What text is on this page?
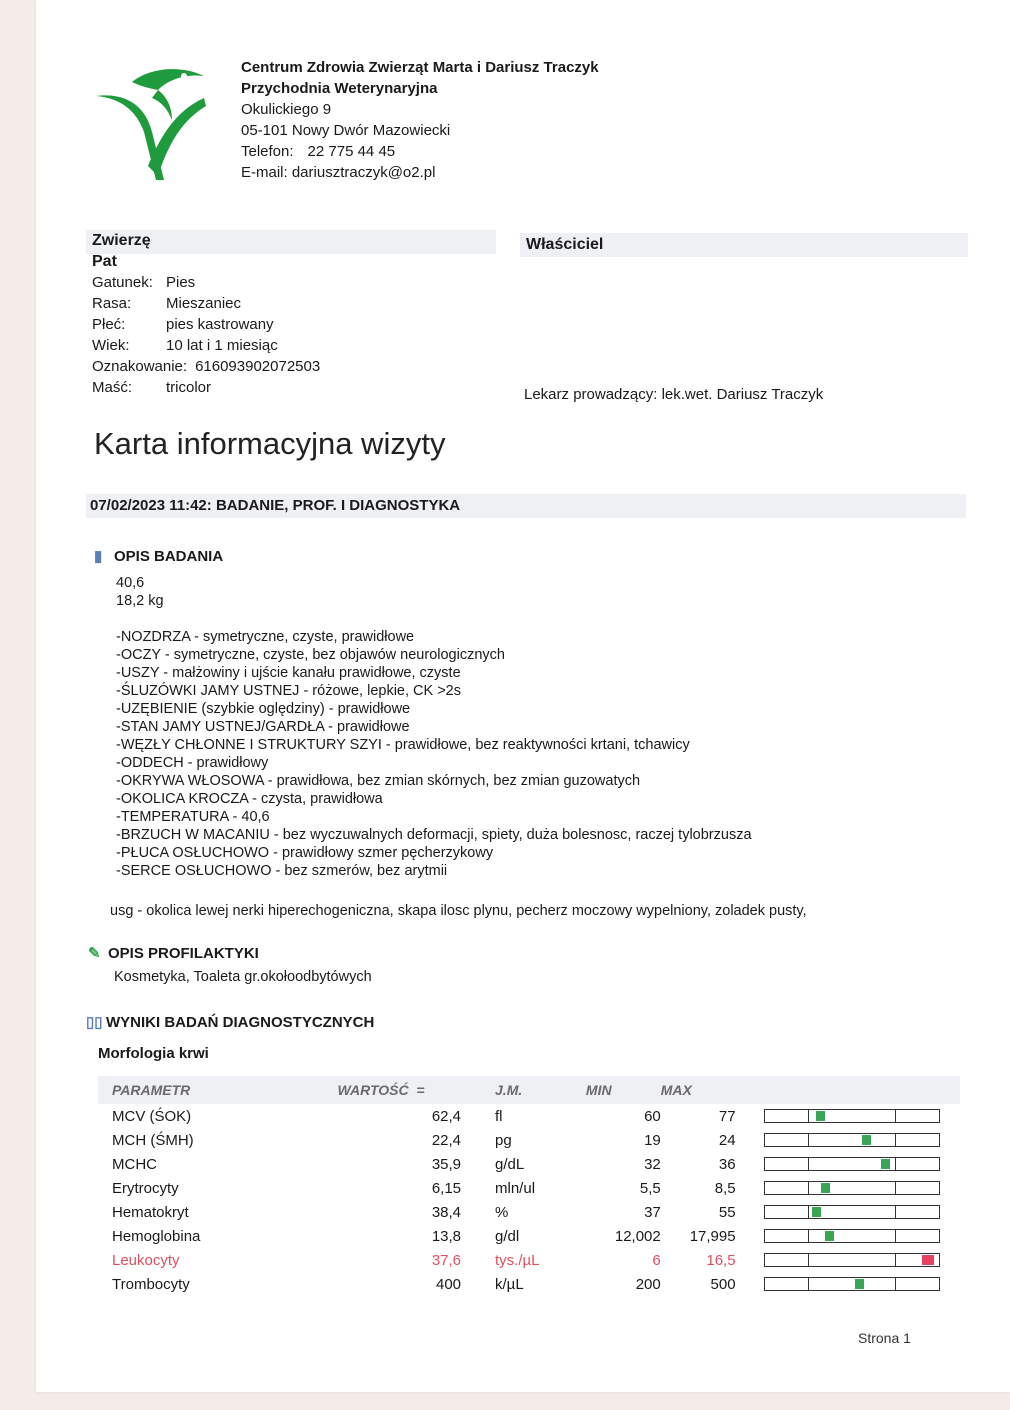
Centrum Zdrowia Zwierząt Marta i Dariusz Traczyk
Przychodnia Weterynaryjna
Okulickiego 9
05-101 Nowy Dwór Mazowiecki
Telefon: 22 775 44 45
E-mail: dariusztraczyk@o2.pl
Właściciel
Zwierzę
Pat
Gatunek: Pies
Rasa: Mieszaniec
Płeć:	pies kastrowany
Wiek: 10 lat i 1 miesiąc
Oznakowanie: 616093902072503
Maść: tricolor	Lekarz prowadzący: lek.wet. Dariusz Traczyk
Karta informacyjna wizyty
07/02/2023 11:42: BADANIE, PROF. I DIAGNOSTYKA
▮ OPIS BADANIA
40,6
18,2 kg
-NOZDRZA - symetryczne, czyste, prawidłowe
-OCZY - symetryczne, czyste, bez objawów neurologicznych
-USZY - małżowiny i ujście kanału prawidłowe, czyste
-ŚLUZÓWKI JAMY USTNEJ - różowe, lepkie, CK >2s
-UZĘBIENIE (szybkie oględziny) - prawidłowe
-STAN JAMY USTNEJ/GARDŁA - prawidłowe
-WĘZŁY CHŁONNE I STRUKTURY SZYI - prawidłowe, bez reaktywności krtani, tchawicy
-ODDECH - prawidłowy
-OKRYWA WŁOSOWA - prawidłowa, bez zmian skórnych, bez zmian guzowatych
-OKOLICA KROCZA - czysta, prawidłowa
-TEMPERATURA - 40,6
-BRZUCH W MACANIU - bez wyczuwalnych deformacji, spiety, duża bolesnosc, raczej tylobrzusza
-PŁUCA OSŁUCHOWO - prawidłowy szmer pęcherzykowy
-SERCE OSŁUCHOWO - bez szmerów, bez arytmii
usg - okolica lewej nerki hiperechogeniczna, skapa ilosc plynu, pecherz moczowy wypelniony, zoladek pusty,
✎ OPIS PROFILAKTYKI
Kosmetyka, Toaleta gr.okołoodbytówych
▯▯ WYNIKI BADAŃ DIAGNOSTYCZNYCH
Morfologia krwi
PARAMETR	WARTOŚĆ =	J.M.	MIN	MAX	
MCV (ŚOK)	62,4	fl	60	77	

MCH (ŚMH)	22,4	pg	19	24	

MCHC	35,9	g/dL	32	36	

Erytrocyty	6,15	mln/ul	5,5	8,5	

Hematokryt	38,4	%	37	55	

Hemoglobina	13,8	g/dl	12,002	17,995	

Leukocyty	37,6	tys./µL	6	16,5	

Trombocyty	400	k/µL	200	500	
Strona 1
